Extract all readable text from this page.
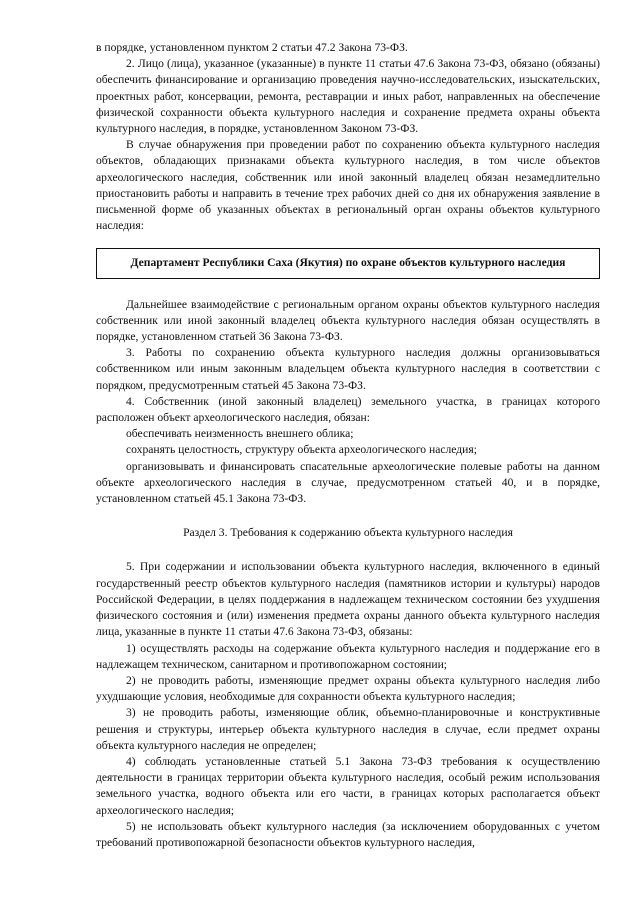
в порядке, установленном пунктом 2 статьи 47.2 Закона 73-ФЗ.

2. Лицо (лица), указанное (указанные) в пункте 11 статьи 47.6 Закона 73-ФЗ, обязано (обязаны) обеспечить финансирование и организацию проведения научно-исследовательских, изыскательских, проектных работ, консервации, ремонта, реставрации и иных работ, направленных на обеспечение физической сохранности объекта культурного наследия и сохранение предмета охраны объекта культурного наследия, в порядке, установленном Законом 73-ФЗ.

В случае обнаружения при проведении работ по сохранению объекта культурного наследия объектов, обладающих признаками объекта культурного наследия, в том числе объектов археологического наследия, собственник или иной законный владелец обязан незамедлительно приостановить работы и направить в течение трех рабочих дней со дня их обнаружения заявление в письменной форме об указанных объектах в региональный орган охраны объектов культурного наследия:

Департамент Республики Саха (Якутия) по охране объектов культурного наследия

Дальнейшее взаимодействие с региональным органом охраны объектов культурного наследия собственник или иной законный владелец объекта культурного наследия обязан осуществлять в порядке, установленном статьей 36 Закона 73-ФЗ.

3. Работы по сохранению объекта культурного наследия должны организовываться собственником или иным законным владельцем объекта культурного наследия в соответствии с порядком, предусмотренным статьей 45 Закона 73-ФЗ.

4. Собственник (иной законный владелец) земельного участка, в границах которого расположен объект археологического наследия, обязан:

обеспечивать неизменность внешнего облика;

сохранять целостность, структуру объекта археологического наследия;

организовывать и финансировать спасательные археологические полевые работы на данном объекте археологического наследия в случае, предусмотренном статьей 40, и в порядке, установленном статьей 45.1 Закона 73-ФЗ.

Раздел 3. Требования к содержанию объекта культурного наследия

5. При содержании и использовании объекта культурного наследия, включенного в единый государственный реестр объектов культурного наследия (памятников истории и культуры) народов Российской Федерации, в целях поддержания в надлежащем техническом состоянии без ухудшения физического состояния и (или) изменения предмета охраны данного объекта культурного наследия лица, указанные в пункте 11 статьи 47.6 Закона 73-ФЗ, обязаны:

1) осуществлять расходы на содержание объекта культурного наследия и поддержание его в надлежащем техническом, санитарном и противопожарном состоянии;

2) не проводить работы, изменяющие предмет охраны объекта культурного наследия либо ухудшающие условия, необходимые для сохранности объекта культурного наследия;

3) не проводить работы, изменяющие облик, объемно-планировочные и конструктивные решения и структуры, интерьер объекта культурного наследия в случае, если предмет охраны объекта культурного наследия не определен;

4) соблюдать установленные статьей 5.1 Закона 73-ФЗ требования к осуществлению деятельности в границах территории объекта культурного наследия, особый режим использования земельного участка, водного объекта или его части, в границах которых располагается объект археологического наследия;

5) не использовать объект культурного наследия (за исключением оборудованных с учетом требований противопожарной безопасности объектов культурного наследия,
